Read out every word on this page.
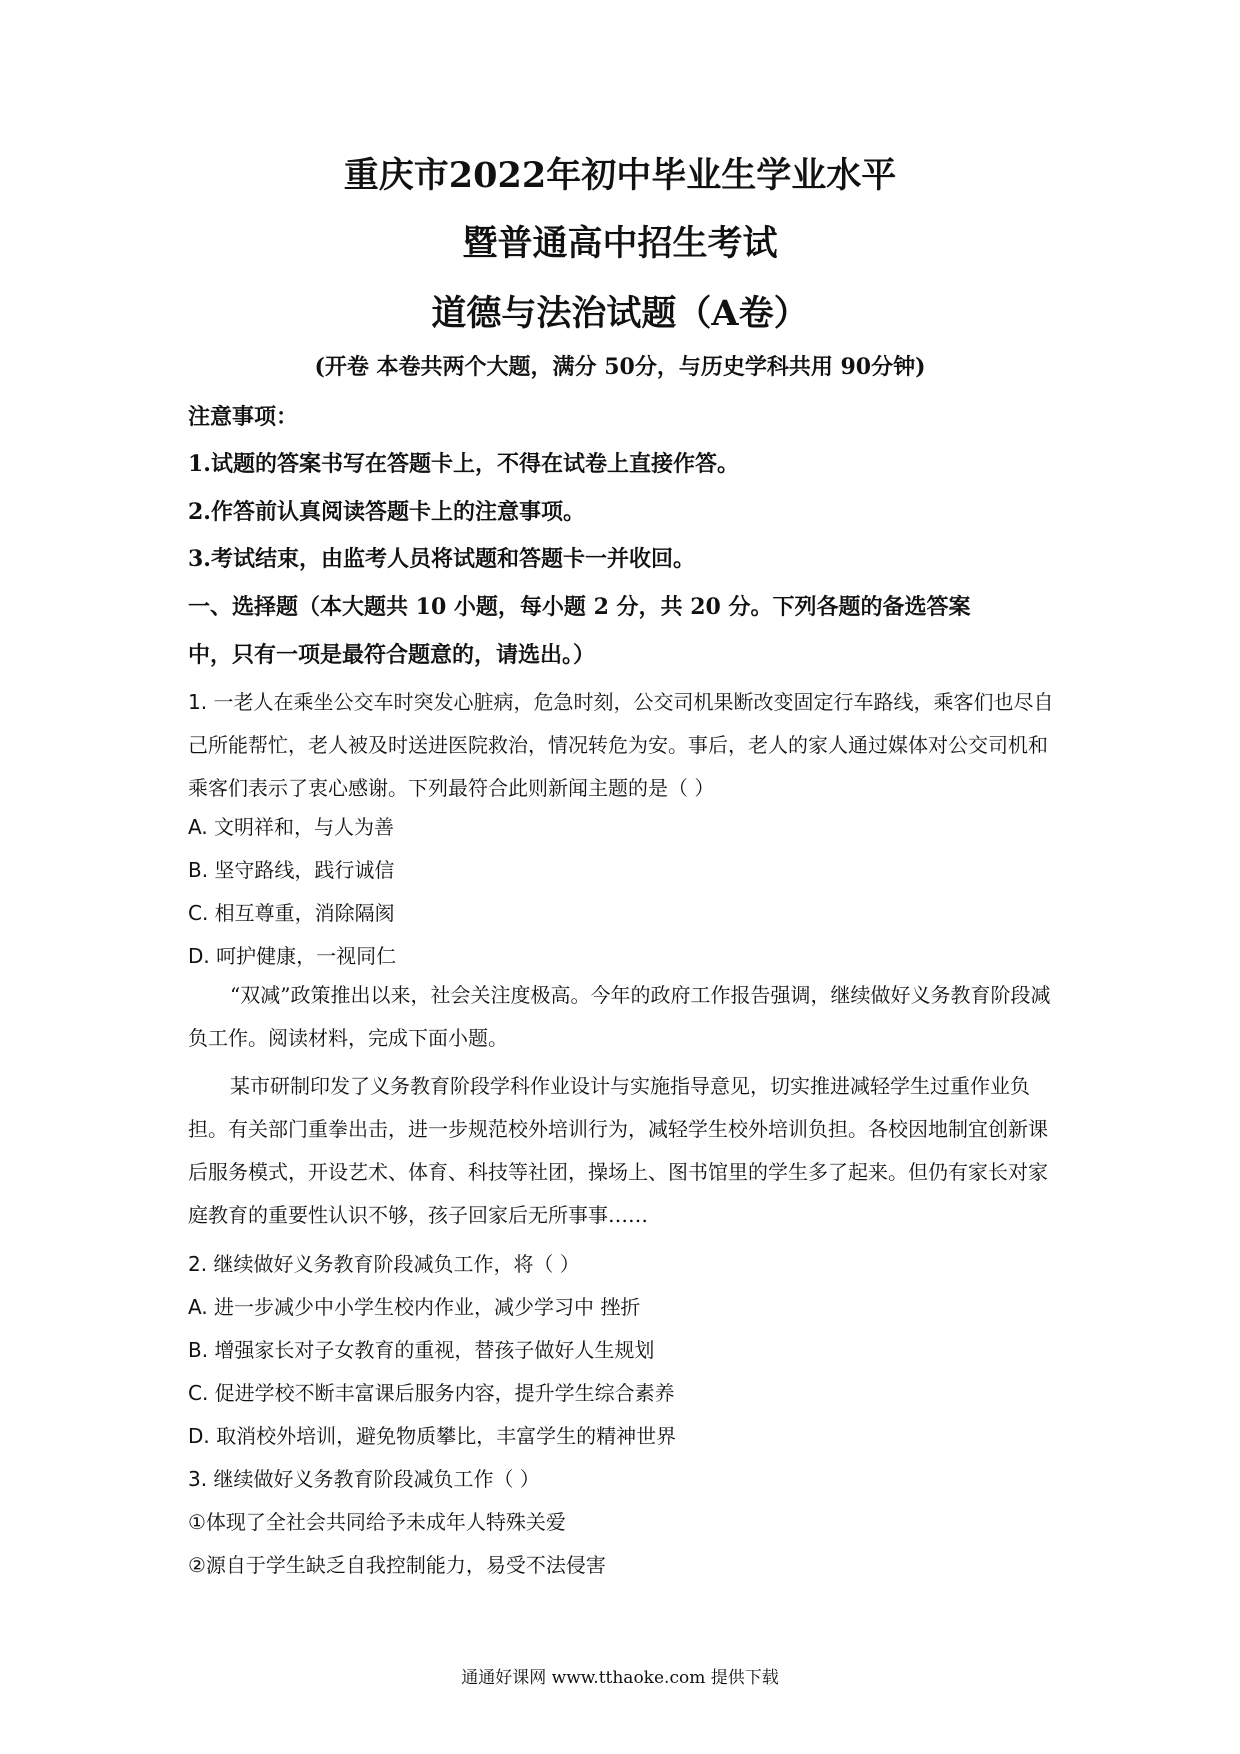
重庆市2022年初中毕业生学业水平
暨普通高中招生考试
道德与法治试题（A卷）
(开卷 本卷共两个大题，满分 50分，与历史学科共用 90分钟)
注意事项：
1.试题的答案书写在答题卡上，不得在试卷上直接作答。
2.作答前认真阅读答题卡上的注意事项。
3.考试结束，由监考人员将试题和答题卡一并收回。
一、选择题（本大题共 10 小题，每小题 2 分，共 20 分。下列各题的备选答案
中，只有一项是最符合题意的，请选出。）
1. 一老人在乘坐公交车时突发心脏病，危急时刻，公交司机果断改变固定行车路线，乘客们也尽自己所能帮忙，老人被及时送进医院救治，情况转危为安。事后，老人的家人通过媒体对公交司机和乘客们表示了衷心感谢。下列最符合此则新闻主题的是（ ）
A. 文明祥和，与人为善
B. 坚守路线，践行诚信
C. 相互尊重，消除隔阂
D. 呵护健康，一视同仁
“双减”政策推出以来，社会关注度极高。今年的政府工作报告强调，继续做好义务教育阶段减负工作。阅读材料，完成下面小题。
某市研制印发了义务教育阶段学科作业设计与实施指导意见，切实推进减轻学生过重作业负担。有关部门重拳出击，进一步规范校外培训行为，减轻学生校外培训负担。各校因地制宜创新课后服务模式，开设艺术、体育、科技等社团，操场上、图书馆里的学生多了起来。但仍有家长对家庭教育的重要性认识不够，孩子回家后无所事事……
2. 继续做好义务教育阶段减负工作，将（ ）
A. 进一步减少中小学生校内作业，减少学习中 挫折
B. 增强家长对子女教育的重视，替孩子做好人生规划
C. 促进学校不断丰富课后服务内容，提升学生综合素养
D. 取消校外培训，避免物质攀比，丰富学生的精神世界
3. 继续做好义务教育阶段减负工作（ ）
①体现了全社会共同给予未成年人特殊关爱
②源自于学生缺乏自我控制能力，易受不法侵害
通通好课网 www.tthaoke.com 提供下载
